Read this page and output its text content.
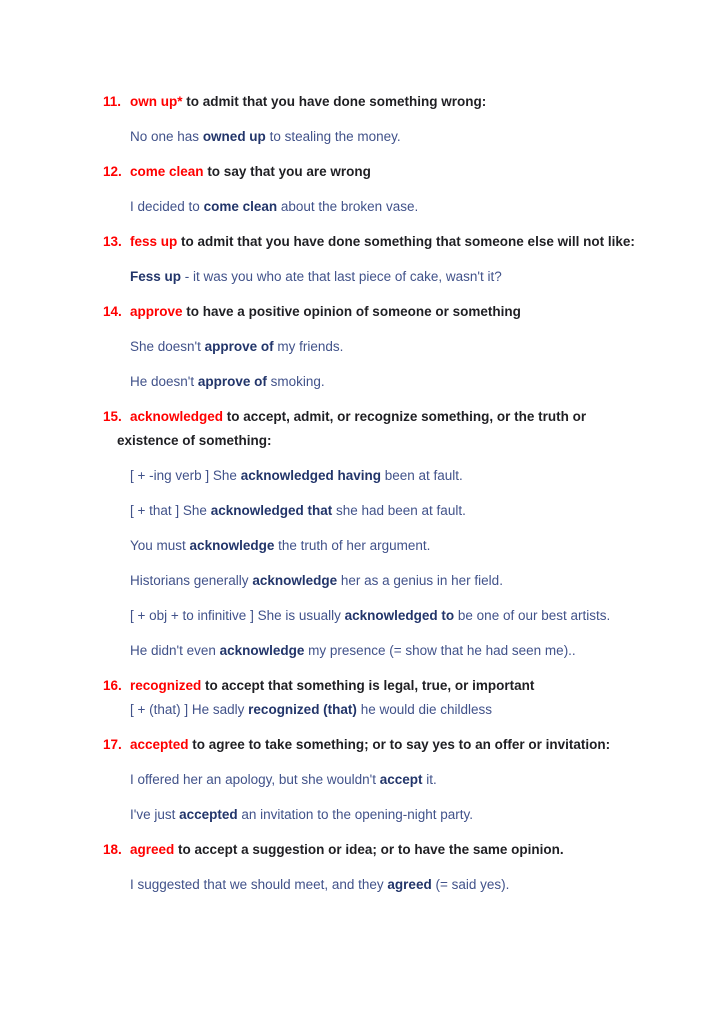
11. own up* to admit that you have done something wrong:

No one has owned up to stealing the money.

12. come clean to say that you are wrong

I decided to come clean about the broken vase.

13. fess up to admit that you have done something that someone else will not like:

Fess up - it was you who ate that last piece of cake, wasn't it?

14. approve to have a positive opinion of someone or something

She doesn't approve of my friends.

He doesn't approve of smoking.

15. acknowledged to accept, admit, or recognize something, or the truth or existence of something:

[ + -ing verb ] She acknowledged having been at fault.

[ + that ] She acknowledged that she had been at fault.

You must acknowledge the truth of her argument.

Historians generally acknowledge her as a genius in her field.

[ + obj + to infinitive ] She is usually acknowledged to be one of our best artists.

He didn't even acknowledge my presence (= show that he had seen me)..

16. recognized to accept that something is legal, true, or important

[ + (that) ] He sadly recognized (that) he would die childless

17. accepted to agree to take something; or to say yes to an offer or invitation:

I offered her an apology, but she wouldn't accept it.

I've just accepted an invitation to the opening-night party.

18. agreed to accept a suggestion or idea; or to have the same opinion.

I suggested that we should meet, and they agreed (= said yes).
